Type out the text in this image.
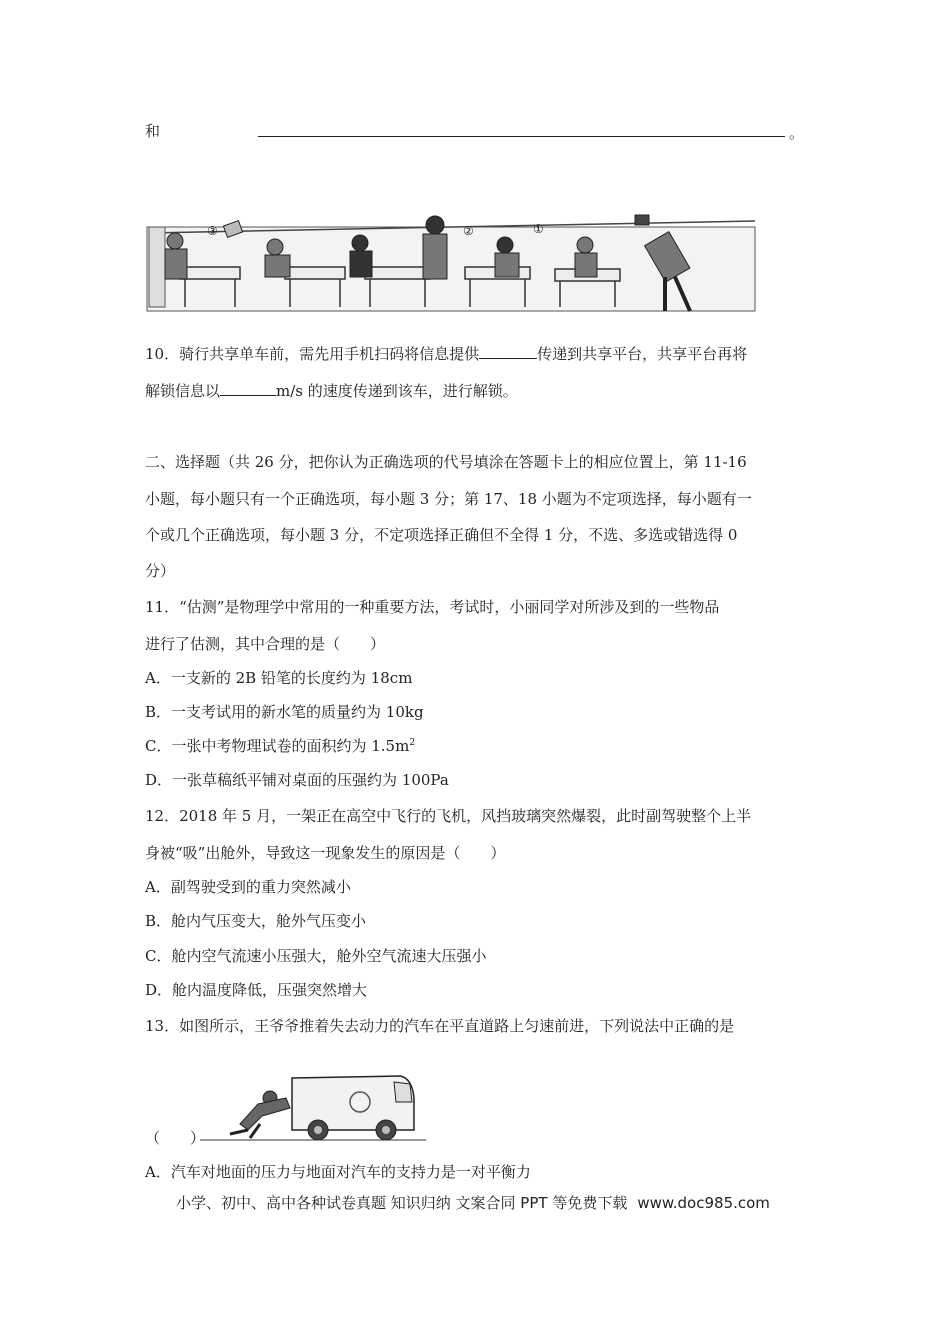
和	。
③	②	①
10．骑行共享单车前，需先用手机扫码将信息提供	传递到共享平台，共享平台再将
解锁信息以	m/s 的速度传递到该车，进行解锁。
二、选择题（共 26 分，把你认为正确选项的代号填涂在答题卡上的相应位置上，第 11-16
小题，每小题只有一个正确选项，每小题 3 分；第 17、18 小题为不定项选择，每小题有一
个或几个正确选项，每小题 3 分，不定项选择正确但不全得 1 分，不选、多选或错选得 0
分）
11．“估测”是物理学中常用的一种重要方法，考试时，小丽同学对所涉及到的一些物品
进行了估测，其中合理的是（　　）
A．一支新的 2B 铅笔的长度约为 18cm
B．一支考试用的新水笔的质量约为 10kg
C．一张中考物理试卷的面积约为 $1.5m^2$
D．一张草稿纸平铺对桌面的压强约为 100Pa
12．2018 年 5 月，一架正在高空中飞行的飞机，风挡玻璃突然爆裂，此时副驾驶整个上半
身被“吸”出舱外，导致这一现象发生的原因是（　　）
A．副驾驶受到的重力突然减小
B．舱内气压变大，舱外气压变小
C．舱内空气流速小压强大，舱外空气流速大压强小
D．舱内温度降低，压强突然增大
13．如图所示，王爷爷推着失去动力的汽车在平直道路上匀速前进，下列说法中正确的是
（　　）
A．汽车对地面的压力与地面对汽车的支持力是一对平衡力
小学、初中、高中各种试卷真题 知识归纳 文案合同 PPT 等免费下载 www.doc985.com
